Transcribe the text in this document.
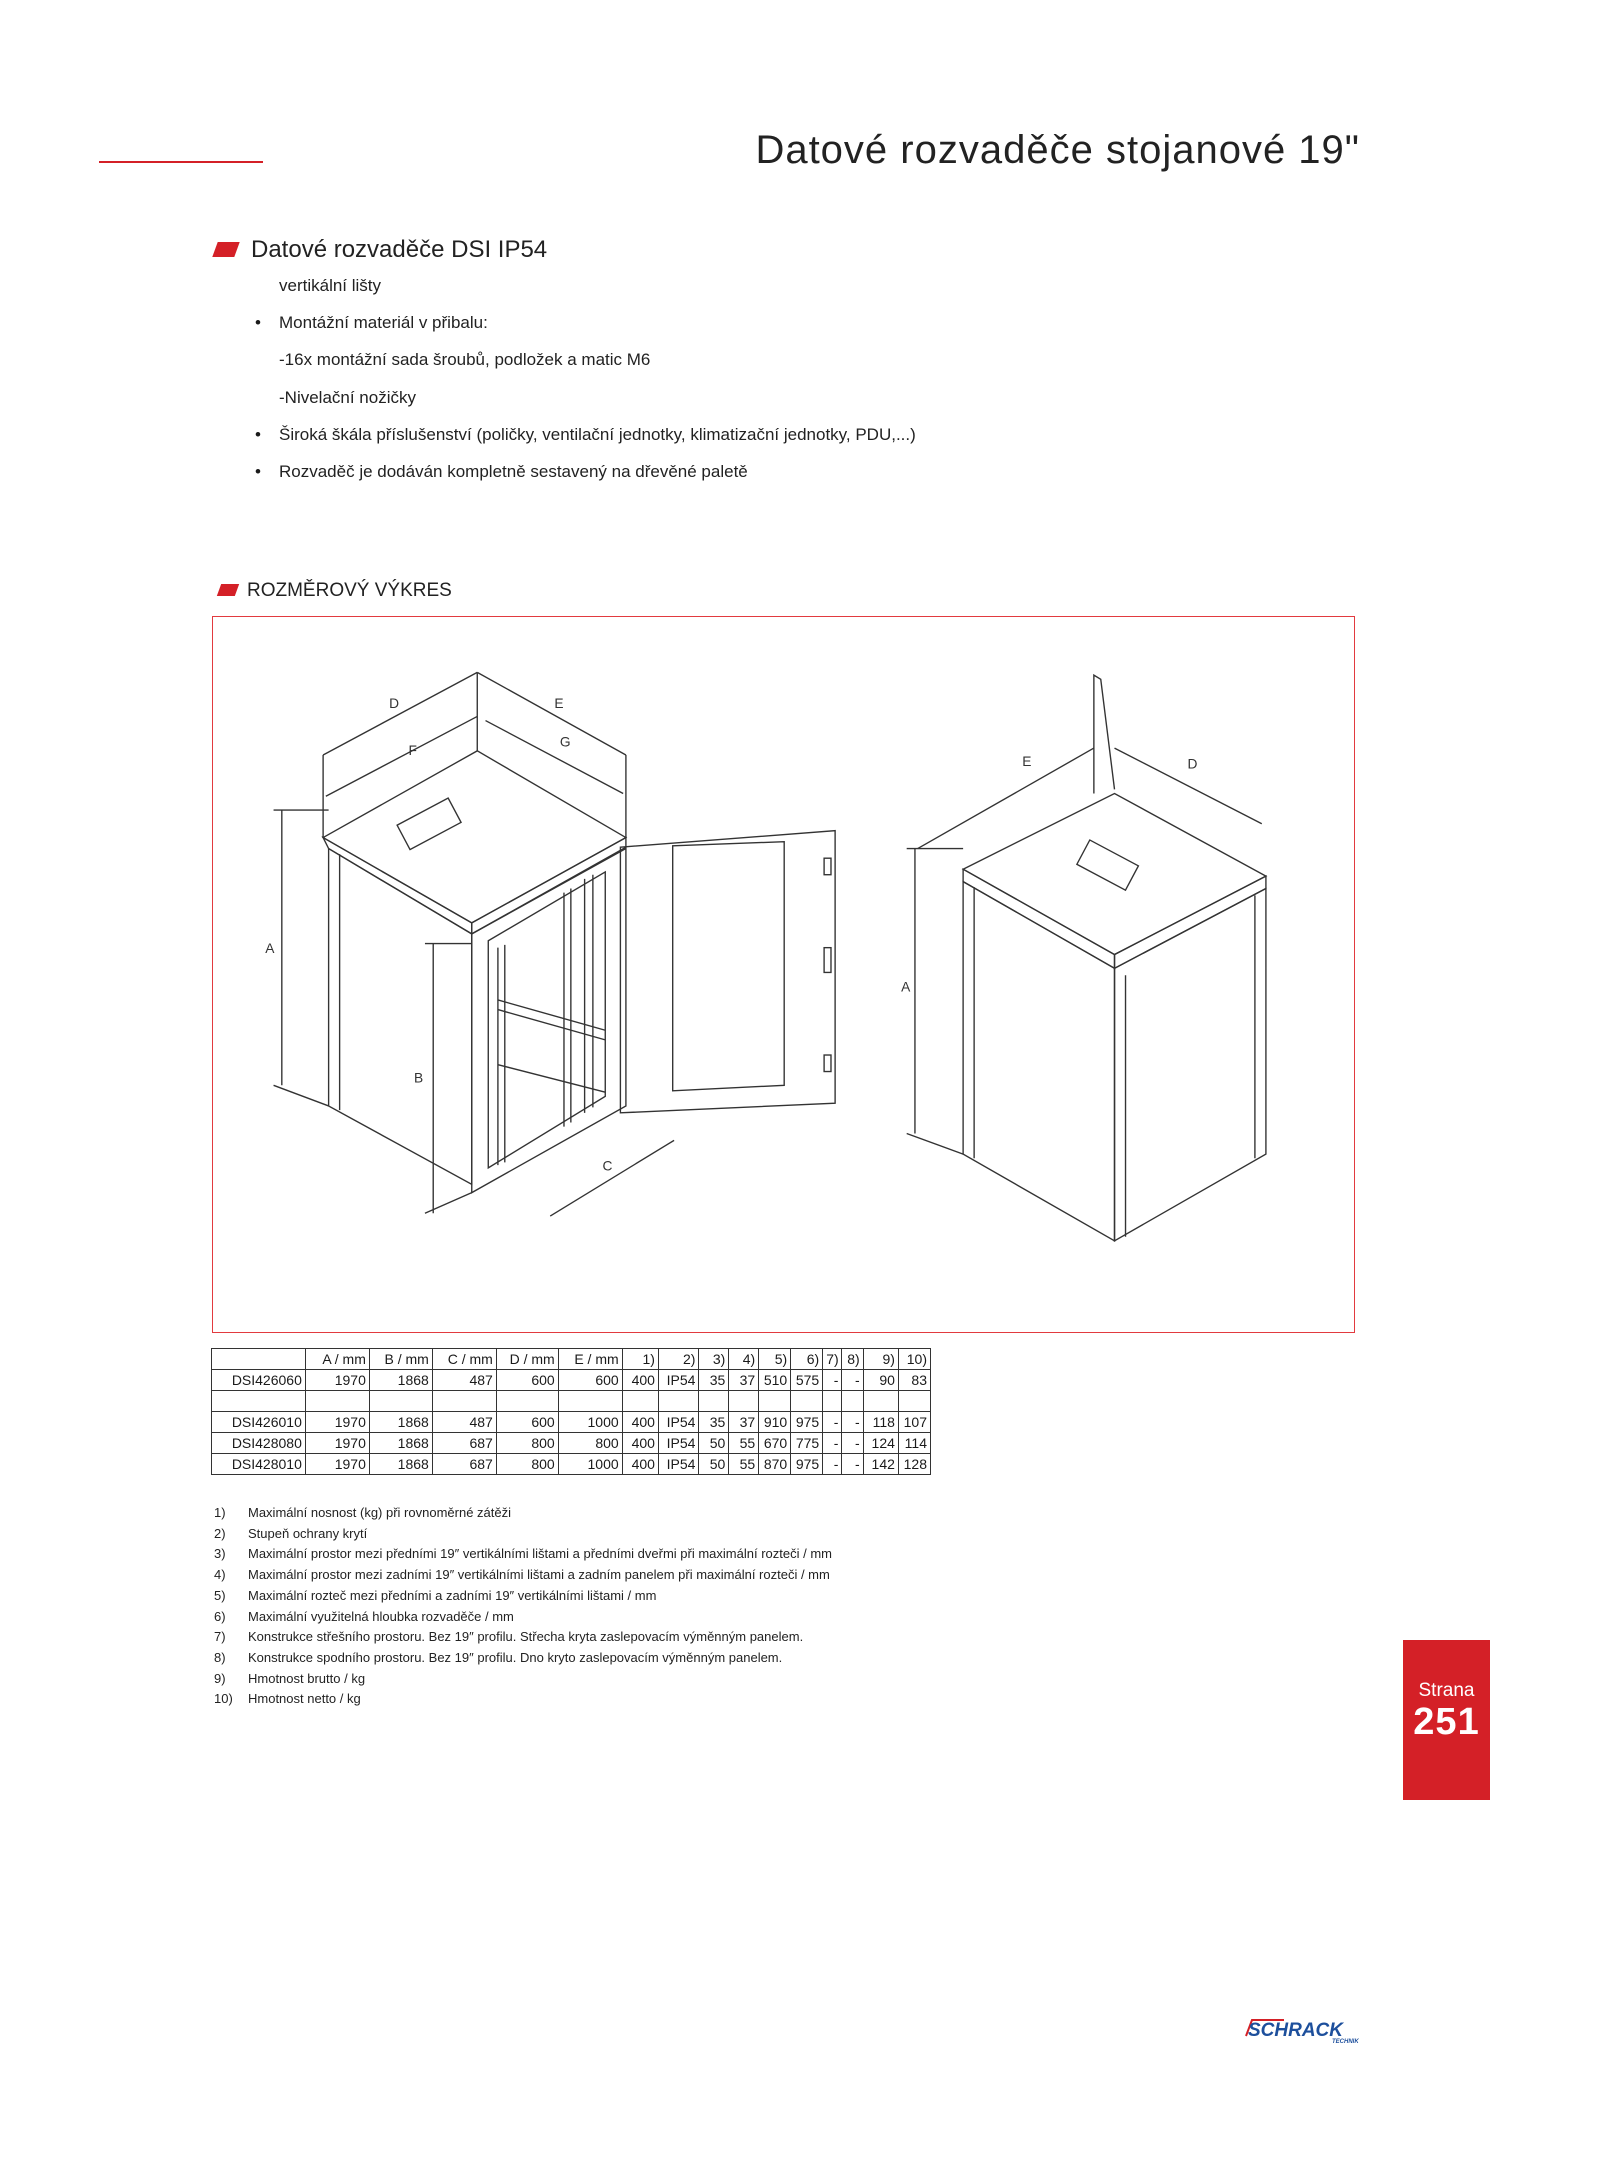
Datové rozvaděče stojanové 19"
Datové rozvaděče DSI IP54
vertikální lišty
• Montážní materiál v přibalu:
-16x montážní sada šroubů, podložek a matic M6
-Nivelační nožičky
• Široká škála příslušenství (poličky, ventilační jednotky, klimatizační jednotky, PDU,...)
• Rozvaděč je dodáván kompletně sestavený na dřevěné paletě
ROZMĚROVÝ VÝKRES
A
B
C
D	E
F
G
A
E	D
	A / mm	B / mm	C / mm	D / mm	E / mm	1)	2)	3)	4)	5)	6)	7)	8)	9)	10)
DSI426060	1970	1868	487	600	600	400	IP54	35	37	510	575	-	-	90	83

DSI426010	1970	1868	487	600	1000	400	IP54	35	37	910	975	-	-	118	107
DSI428080	1970	1868	687	800	800	400	IP54	50	55	670	775	-	-	124	114
DSI428010	1970	1868	687	800	1000	400	IP54	50	55	870	975	-	-	142	128
1) Maximální nosnost (kg) při rovnoměrné zátěži
2) Stupeň ochrany krytí
3) Maximální prostor mezi předními 19″ vertikálními lištami a předními dveřmi při maximální rozteči / mm
4) Maximální prostor mezi zadními 19″ vertikálními lištami a zadním panelem při maximální rozteči / mm
5) Maximální rozteč mezi předními a zadními 19″ vertikálními lištami / mm
6) Maximální využitelná hloubka rozvaděče / mm
7) Konstrukce střešního prostoru. Bez 19″ profilu. Střecha kryta zaslepovacím výměnným panelem.
8) Konstrukce spodního prostoru. Bez 19″ profilu. Dno kryto zaslepovacím výměnným panelem.
9) Hmotnost brutto / kg
10) Hmotnost netto / kg	Strana
251
SCHRACK
TECHNIK
